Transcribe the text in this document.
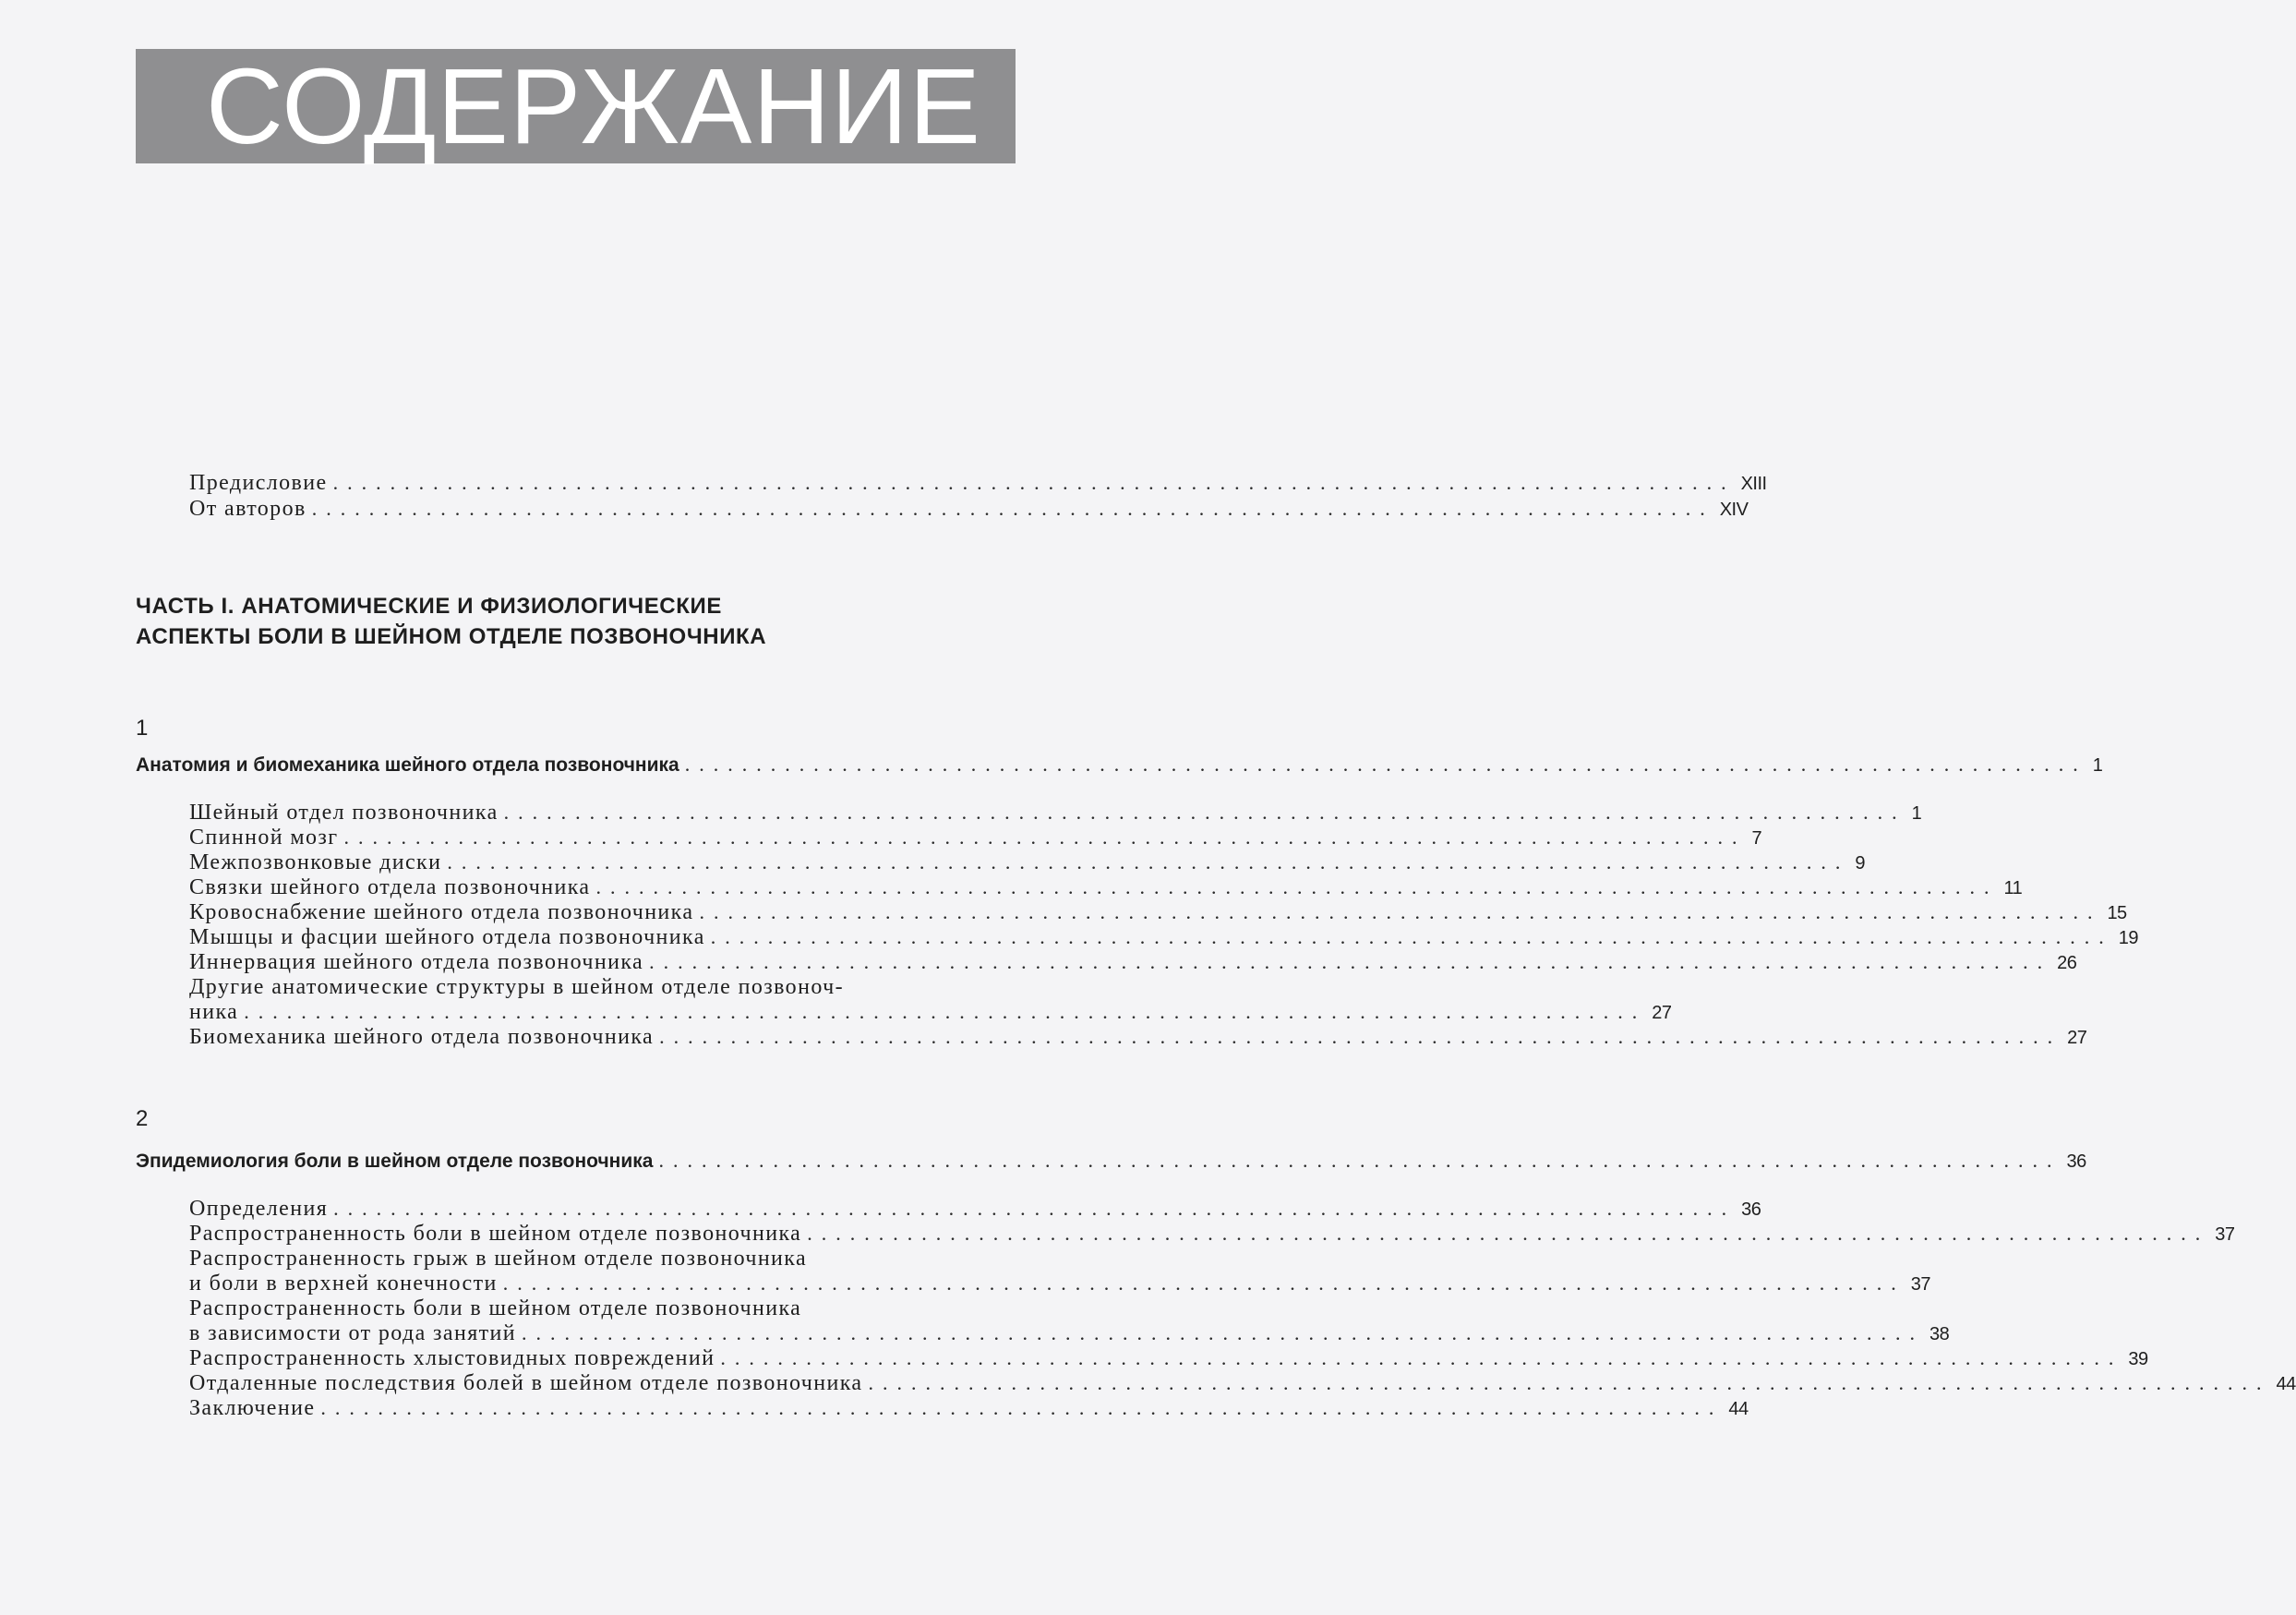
СОДЕРЖАНИЕ
Предисловие .................................................................................................. XIII
От авторов .................................................................................................. XIV
ЧАСТЬ I. АНАТОМИЧЕСКИЕ И ФИЗИОЛОГИЧЕСКИЕ
АСПЕКТЫ БОЛИ В ШЕЙНОМ ОТДЕЛЕ ПОЗВОНОЧНИКА
1
Анатомия и биомеханика шейного отдела позвоночника .................................................................................................. 1
Шейный отдел позвоночника .................................................................................................. 1
Спинной мозг .................................................................................................. 7
Межпозвонковые диски .................................................................................................. 9
Связки шейного отдела позвоночника .................................................................................................. 11
Кровоснабжение шейного отдела позвоночника .................................................................................................. 15
Мышцы и фасции шейного отдела позвоночника .................................................................................................. 19
Иннервация шейного отдела позвоночника .................................................................................................. 26
Другие анатомические структуры в шейном отделе позвоноч-
ника .................................................................................................. 27
Биомеханика шейного отдела позвоночника .................................................................................................. 27
2
Эпидемиология боли в шейном отделе позвоночника .................................................................................................. 36
Определения .................................................................................................. 36
Распространенность боли в шейном отделе позвоночника .................................................................................................. 37
Распространенность грыж в шейном отделе позвоночника
и боли в верхней конечности .................................................................................................. 37
Распространенность боли в шейном отделе позвоночника
в зависимости от рода занятий .................................................................................................. 38
Распространенность хлыстовидных повреждений .................................................................................................. 39
Отдаленные последствия болей в шейном отделе позвоночника .................................................................................................. 44
Заключение .................................................................................................. 44
